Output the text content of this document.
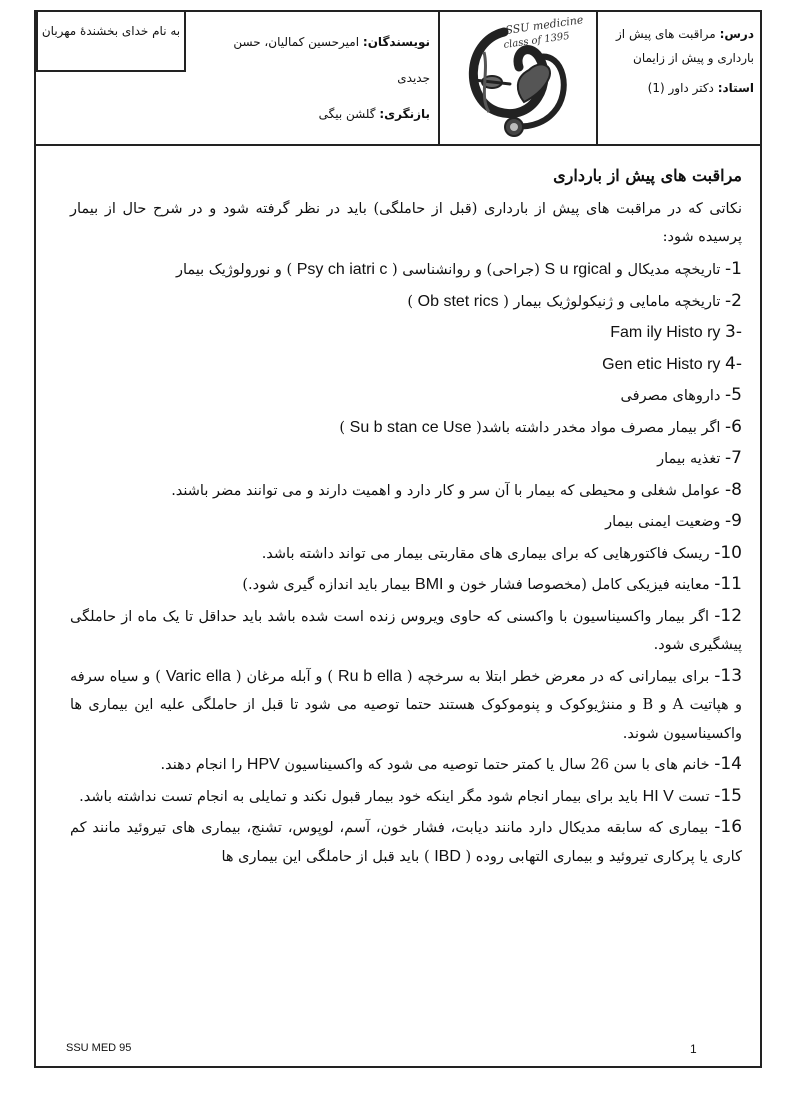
درس: مراقبت های پیش از بارداری و پیش از زایمان
استاد: دکتر داور (1)
SSU medicine
class of 1395
نویسندگان: امیرحسین کمالیان، حسن جدیدی
بازنگری: گلشن بیگی
به نام خدای بخشندهٔ مهربان
مراقبت های پیش از بارداری

نکاتی که در مراقبت های پیش از بارداری (قبل از حاملگی) باید در نظر گرفته شود و در شرح حال از بیمار پرسیده شود:

1- تاریخچه مدیکال و S u rgical (جراحی) و روانشناسی ( Psy ch iatri c ) و نورولوژیک بیمار

2- تاریخچه مامایی و ژنیکولوژیک بیمار ( Ob stet rics )

-3 Fam ily Histo ry

-4 Gen etic Histo ry

5- داروهای مصرفی

6- اگر بیمار مصرف مواد مخدر داشته باشد( Su b stan ce Use )

7- تغذیه بیمار

8- عوامل شغلی و محیطی که بیمار با آن سر و کار دارد و اهمیت دارند و می توانند مضر باشند.

9- وضعیت ایمنی بیمار

10- ریسک فاکتورهایی که برای بیماری های مقاربتی بیمار می تواند داشته باشد.

11- معاینه فیزیکی کامل (مخصوصا فشار خون و BMI بیمار باید اندازه گیری شود.)

12- اگر بیمار واکسیناسیون با واکسنی که حاوی ویروس زنده است شده باشد باید حداقل تا یک ماه از حاملگی پیشگیری شود.

13- برای بیمارانی که در معرض خطر ابتلا به سرخچه ( Ru b ella ) و آبله مرغان ( Varic ella ) و سیاه سرفه و هپاتیت A و B و مننژیوکوک و پنوموکوک هستند حتما توصیه می شود تا قبل از حاملگی علیه این بیماری ها واکسیناسیون شوند.

14- خانم های با سن 26 سال یا کمتر حتما توصیه می شود که واکسیناسیون HPV را انجام دهند.

15- تست HI V باید برای بیمار انجام شود مگر اینکه خود بیمار قبول نکند و تمایلی به انجام تست نداشته باشد.

16- بیماری که سابقه مدیکال دارد مانند دیابت، فشار خون، آسم، لوپوس، تشنج، بیماری های تیروئید مانند کم کاری یا پرکاری تیروئید و بیماری التهابی روده ( IBD ) باید قبل از حاملگی این بیماری ها

SSU MED 95	1
